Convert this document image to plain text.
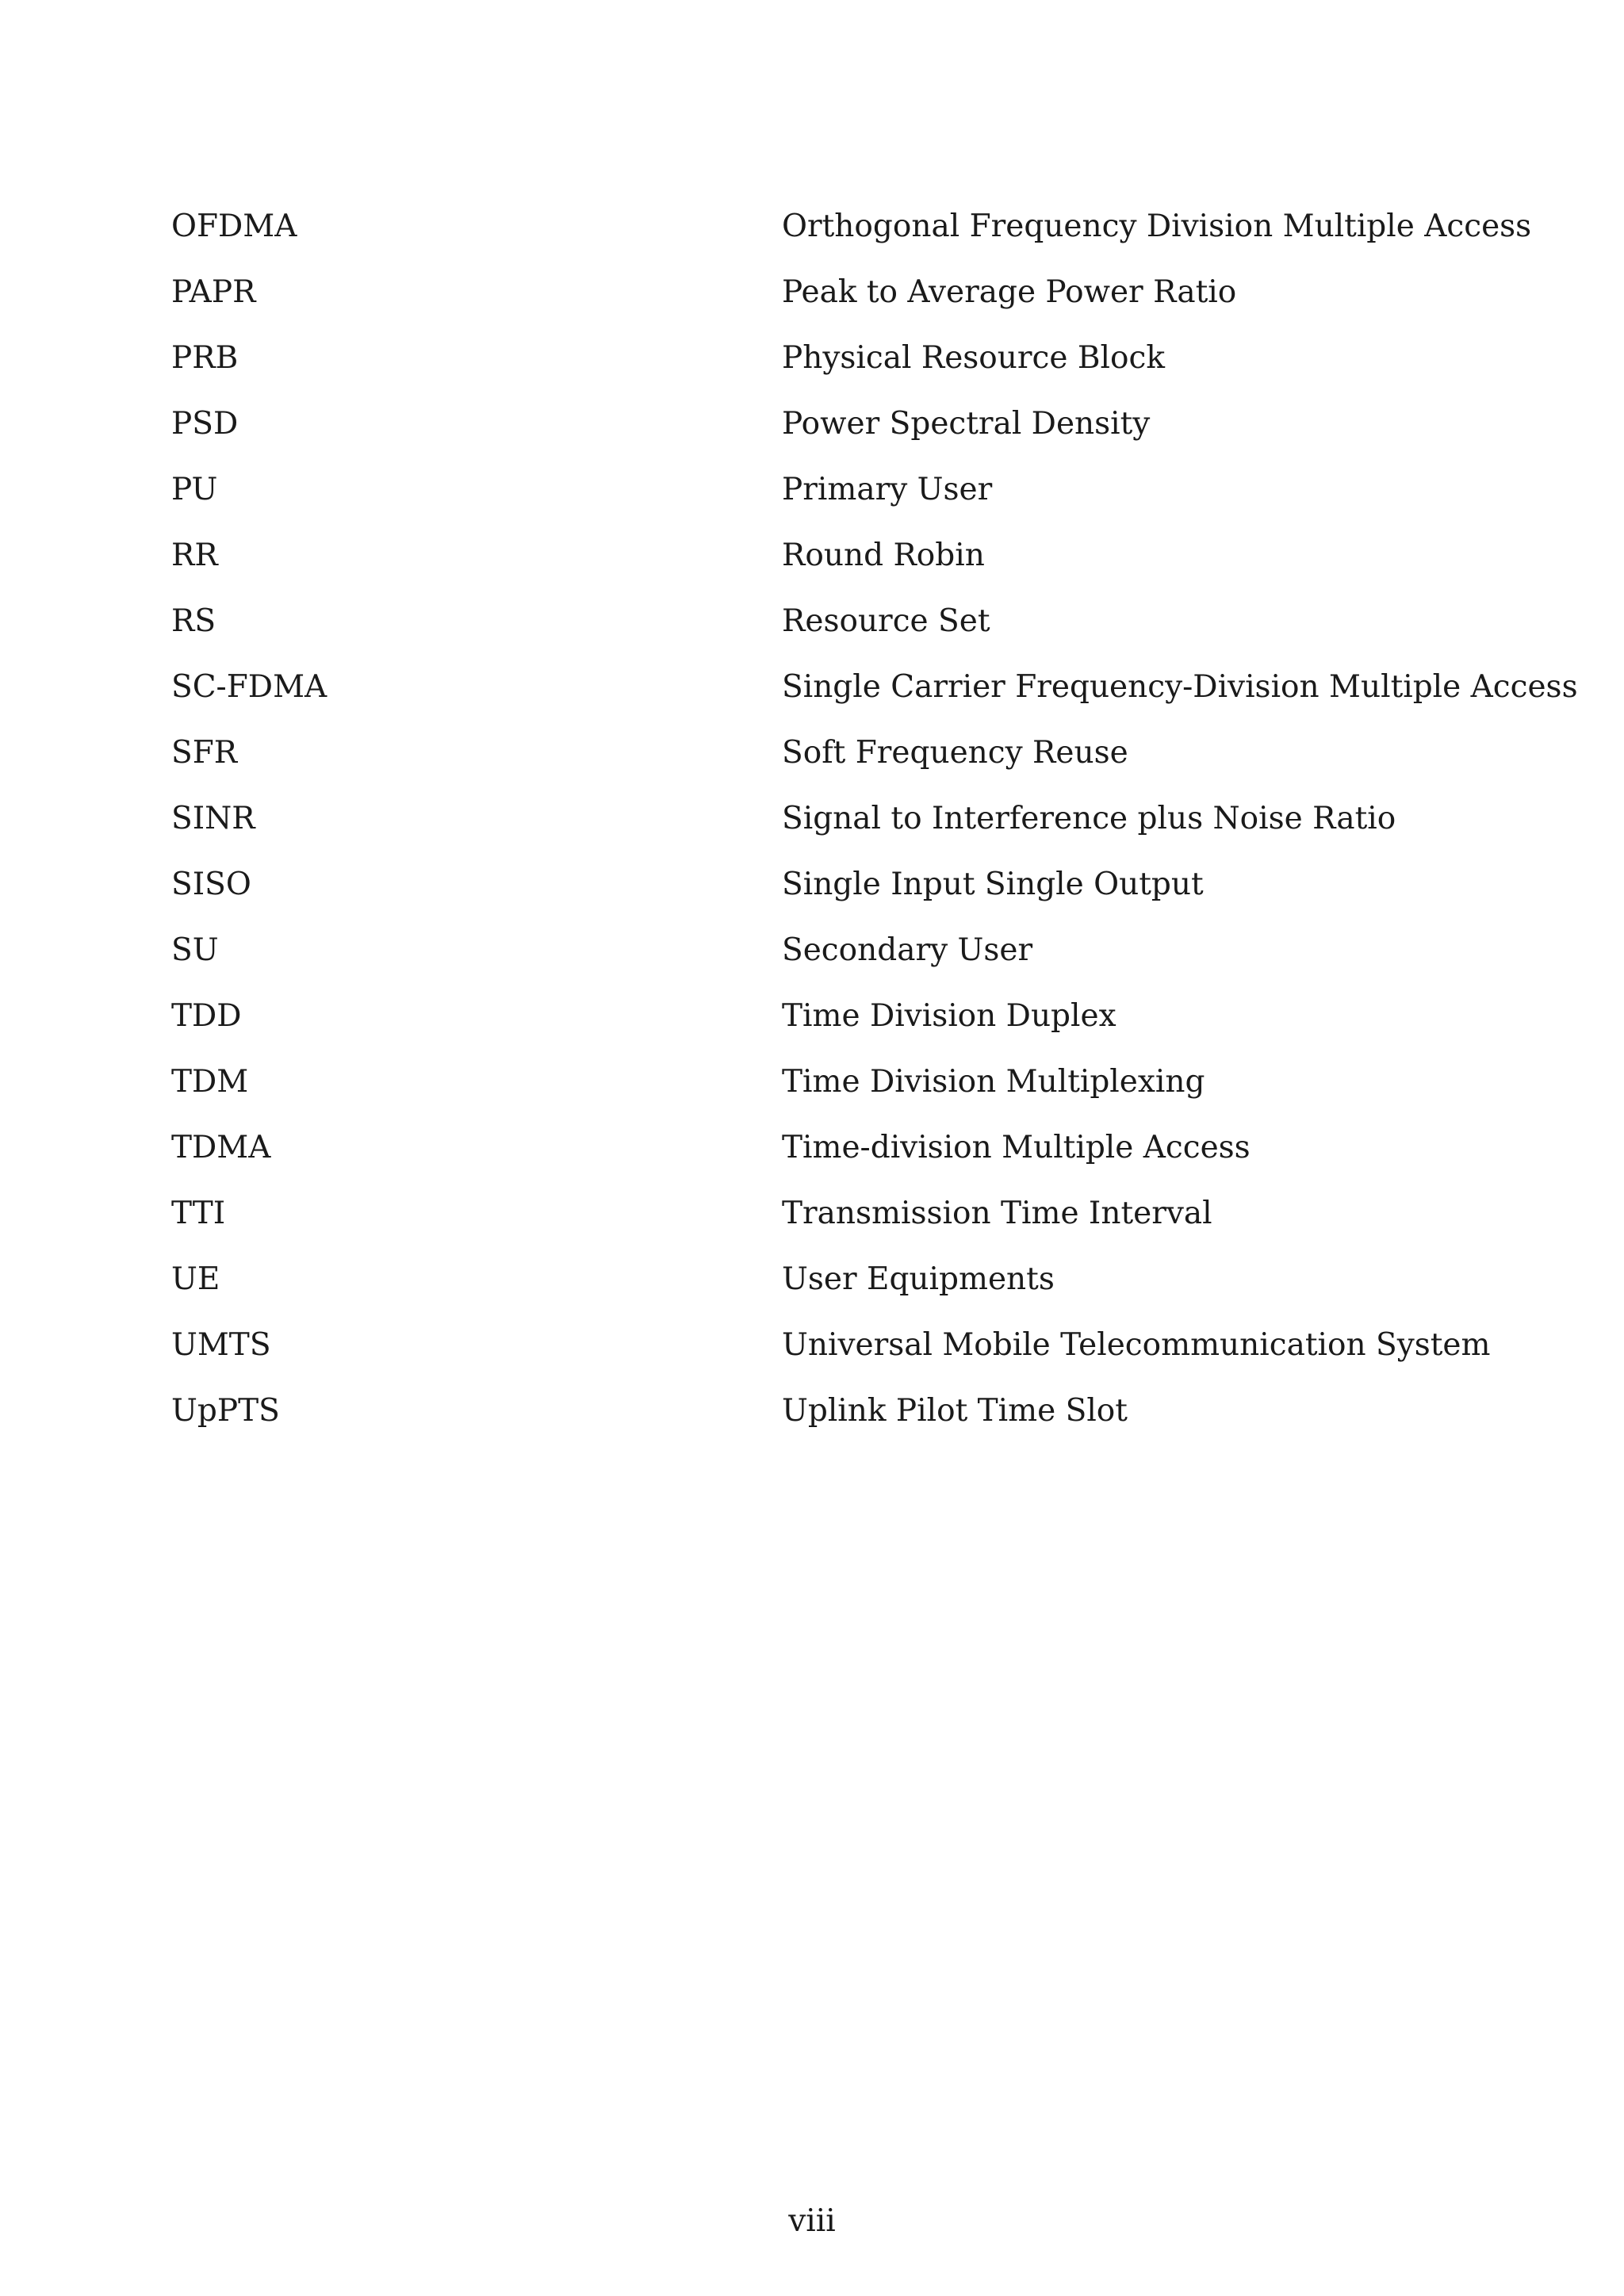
OFDMA	Orthogonal Frequency Division Multiple Access
PAPR	Peak to Average Power Ratio
PRB	Physical Resource Block
PSD	Power Spectral Density
PU	Primary User
RR	Round Robin
RS	Resource Set
SC-FDMA	Single Carrier Frequency-Division Multiple Access
SFR	Soft Frequency Reuse
SINR	Signal to Interference plus Noise Ratio
SISO	Single Input Single Output
SU	Secondary User
TDD	Time Division Duplex
TDM	Time Division Multiplexing
TDMA	Time-division Multiple Access
TTI	Transmission Time Interval
UE	User Equipments
UMTS	Universal Mobile Telecommunication System
UpPTS	Uplink Pilot Time Slot
viii
